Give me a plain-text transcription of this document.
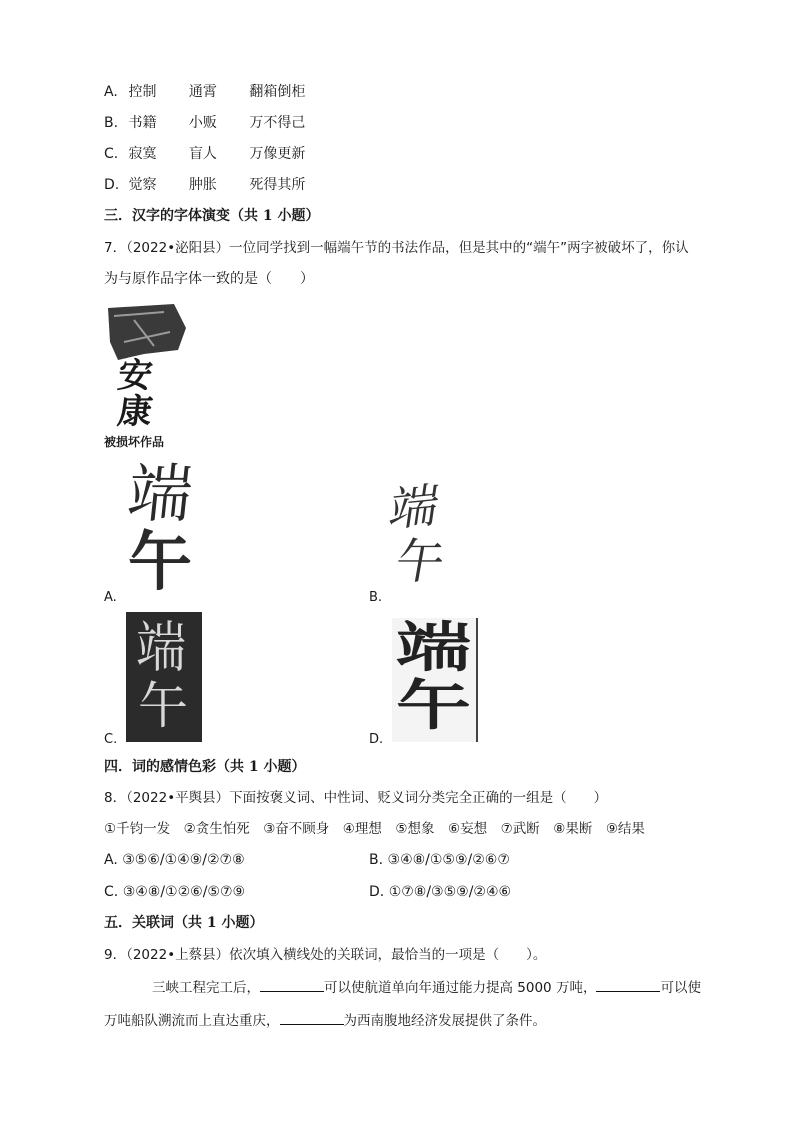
A. 控制 通霄 翻箱倒柜
B. 书籍 小贩 万不得己
C. 寂寞 盲人 万像更新
D. 觉察 肿胀 死得其所
三．汉字的字体演变（共 1 小题）
7．（2022•泌阳县）一位同学找到一幅端午节的书法作品，但是其中的“端午”两字被破坏了，你认
为与原作品字体一致的是（　　）
安
康
被损坏作品
端
午
A.
端
午
B.
端
午
C.
端
午
D.
四．词的感情色彩（共 1 小题）
8．（2022•平舆县）下面按褒义词、中性词、贬义词分类完全正确的一组是（　　）
①千钧一发　②贪生怕死　③奋不顾身　④理想　⑤想象　⑥妄想　⑦武断　⑧果断　⑨结果
A. ③⑤⑥/①④⑨/②⑦⑧	B. ③④⑧/①⑤⑨/②⑥⑦
C. ③④⑧/①②⑥/⑤⑦⑨	D. ①⑦⑧/③⑤⑨/②④⑥
五．关联词（共 1 小题）
9．（2022•上蔡县）依次填入横线处的关联词，最恰当的一项是（　　）。
三峡工程完工后，	可以使航道单向年通过能力提高 5000 万吨，	可以使
万吨船队溯流而上直达重庆，	为西南腹地经济发展提供了条件。
